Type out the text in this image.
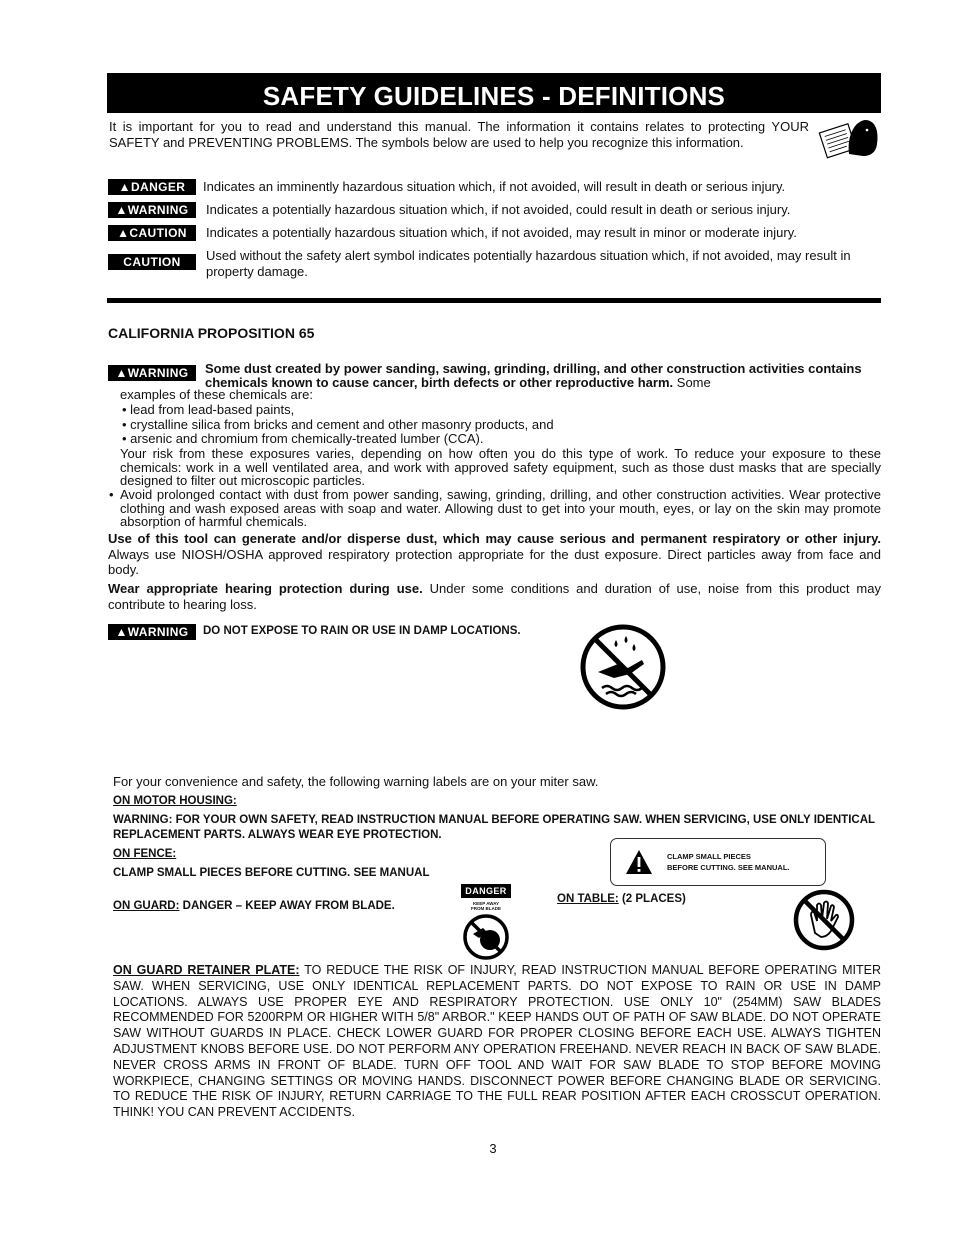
SAFETY GUIDELINES - DEFINITIONS
It is important for you to read and understand this manual. The information it contains relates to protecting YOUR SAFETY and PREVENTING PROBLEMS. The symbols below are used to help you recognize this information.
▲DANGER	Indicates an imminently hazardous situation which, if not avoided, will result in death or serious injury.
▲WARNING	Indicates a potentially hazardous situation which, if not avoided, could result in death or serious injury.
▲CAUTION	Indicates a potentially hazardous situation which, if not avoided, may result in minor or moderate injury.
CAUTION	Used without the safety alert symbol indicates potentially hazardous situation which, if not avoided, may result in property damage.
CALIFORNIA PROPOSITION 65
▲WARNING	Some dust created by power sanding, sawing, grinding, drilling, and other construction activities contains chemicals known to cause cancer, birth defects or other reproductive harm. Some
examples of these chemicals are:
• lead from lead-based paints,
• crystalline silica from bricks and cement and other masonry products, and
• arsenic and chromium from chemically-treated lumber (CCA).
Your risk from these exposures varies, depending on how often you do this type of work. To reduce your exposure to these chemicals: work in a well ventilated area, and work with approved safety equipment, such as those dust masks that are specially designed to filter out microscopic particles.
• Avoid prolonged contact with dust from power sanding, sawing, grinding, drilling, and other construction activities. Wear protective clothing and wash exposed areas with soap and water. Allowing dust to get into your mouth, eyes, or lay on the skin may promote absorption of harmful chemicals.
Use of this tool can generate and/or disperse dust, which may cause serious and permanent respiratory or other injury. Always use NIOSH/OSHA approved respiratory protection appropriate for the dust exposure. Direct particles away from face and body.
Wear appropriate hearing protection during use. Under some conditions and duration of use, noise from this product may contribute to hearing loss.
▲WARNING	DO NOT EXPOSE TO RAIN OR USE IN DAMP LOCATIONS.
For your convenience and safety, the following warning labels are on your miter saw.
ON MOTOR HOUSING:
WARNING: FOR YOUR OWN SAFETY, READ INSTRUCTION MANUAL BEFORE OPERATING SAW. WHEN SERVICING, USE ONLY IDENTICAL REPLACEMENT PARTS. ALWAYS WEAR EYE PROTECTION.
ON FENCE:
CLAMP SMALL PIECES BEFORE CUTTING. SEE MANUAL
CLAMP SMALL PIECES
BEFORE CUTTING. SEE MANUAL.
ON GUARD: DANGER – KEEP AWAY FROM BLADE.
DANGER
KEEP AWAY
FROM BLADE
ON TABLE: (2 PLACES)
ON GUARD RETAINER PLATE: TO REDUCE THE RISK OF INJURY, READ INSTRUCTION MANUAL BEFORE OPERATING MITER SAW. WHEN SERVICING, USE ONLY IDENTICAL REPLACEMENT PARTS. DO NOT EXPOSE TO RAIN OR USE IN DAMP LOCATIONS. ALWAYS USE PROPER EYE AND RESPIRATORY PROTECTION. USE ONLY 10" (254MM) SAW BLADES RECOMMENDED FOR 5200RPM OR HIGHER WITH 5/8" ARBOR." KEEP HANDS OUT OF PATH OF SAW BLADE. DO NOT OPERATE SAW WITHOUT GUARDS IN PLACE. CHECK LOWER GUARD FOR PROPER CLOSING BEFORE EACH USE. ALWAYS TIGHTEN ADJUSTMENT KNOBS BEFORE USE. DO NOT PERFORM ANY OPERATION FREEHAND. NEVER REACH IN BACK OF SAW BLADE. NEVER CROSS ARMS IN FRONT OF BLADE. TURN OFF TOOL AND WAIT FOR SAW BLADE TO STOP BEFORE MOVING WORKPIECE, CHANGING SETTINGS OR MOVING HANDS. DISCONNECT POWER BEFORE CHANGING BLADE OR SERVICING. TO REDUCE THE RISK OF INJURY, RETURN CARRIAGE TO THE FULL REAR POSITION AFTER EACH CROSSCUT OPERATION. THINK! YOU CAN PREVENT ACCIDENTS.
3
